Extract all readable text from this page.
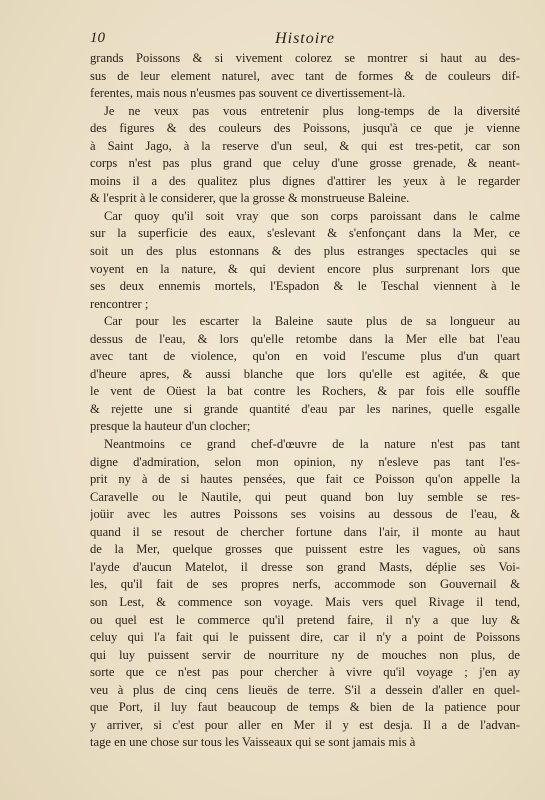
10	Histoire
grands Poissons & si vivement colorez se montrer si haut au des-
sus de leur element naturel, avec tant de formes & de couleurs dif-
ferentes, mais nous n'eusmes pas souvent ce divertissement-là.
Je ne veux pas vous entretenir plus long-temps de la diversité
des figures & des couleurs des Poissons, jusqu'à ce que je vienne
à Saint Jago, à la reserve d'un seul, & qui est tres-petit, car son
corps n'est pas plus grand que celuy d'une grosse grenade, & neant-
moins il a des qualitez plus dignes d'attirer les yeux à le regarder
& l'esprit à le considerer, que la grosse & monstrueuse Baleine.
Car quoy qu'il soit vray que son corps paroissant dans le calme
sur la superficie des eaux, s'eslevant & s'enfonçant dans la Mer, ce
soit un des plus estonnans & des plus estranges spectacles qui se
voyent en la nature, & qui devient encore plus surprenant lors que
ses deux ennemis mortels, l'Espadon & le Teschal viennent à le
rencontrer ;
Car pour les escarter la Baleine saute plus de sa longueur au
dessus de l'eau, & lors qu'elle retombe dans la Mer elle bat l'eau
avec tant de violence, qu'on en void l'escume plus d'un quart
d'heure apres, & aussi blanche que lors qu'elle est agitée, & que
le vent de Oüest la bat contre les Rochers, & par fois elle souffle
& rejette une si grande quantité d'eau par les narines, quelle esgalle
presque la hauteur d'un clocher;
Neantmoins ce grand chef-d'œuvre de la nature n'est pas tant
digne d'admiration, selon mon opinion, ny n'esleve pas tant l'es-
prit ny à de si hautes pensées, que fait ce Poisson qu'on appelle la
Caravelle ou le Nautile, qui peut quand bon luy semble se res-
joüir avec les autres Poissons ses voisins au dessous de l'eau, &
quand il se resout de chercher fortune dans l'air, il monte au haut
de la Mer, quelque grosses que puissent estre les vagues, où sans
l'ayde d'aucun Matelot, il dresse son grand Masts, déplie ses Voi-
les, qu'il fait de ses propres nerfs, accommode son Gouvernail &
son Lest, & commence son voyage. Mais vers quel Rivage il tend,
ou quel est le commerce qu'il pretend faire, il n'y a que luy &
celuy qui l'a fait qui le puissent dire, car il n'y a point de Poissons
qui luy puissent servir de nourriture ny de mouches non plus, de
sorte que ce n'est pas pour chercher à vivre qu'il voyage ; j'en ay
veu à plus de cinq cens lieuës de terre. S'il a dessein d'aller en quel-
que Port, il luy faut beaucoup de temps & bien de la patience pour
y arriver, si c'est pour aller en Mer il y est desja. Il a de l'advan-
tage en une chose sur tous les Vaisseaux qui se sont jamais mis à
